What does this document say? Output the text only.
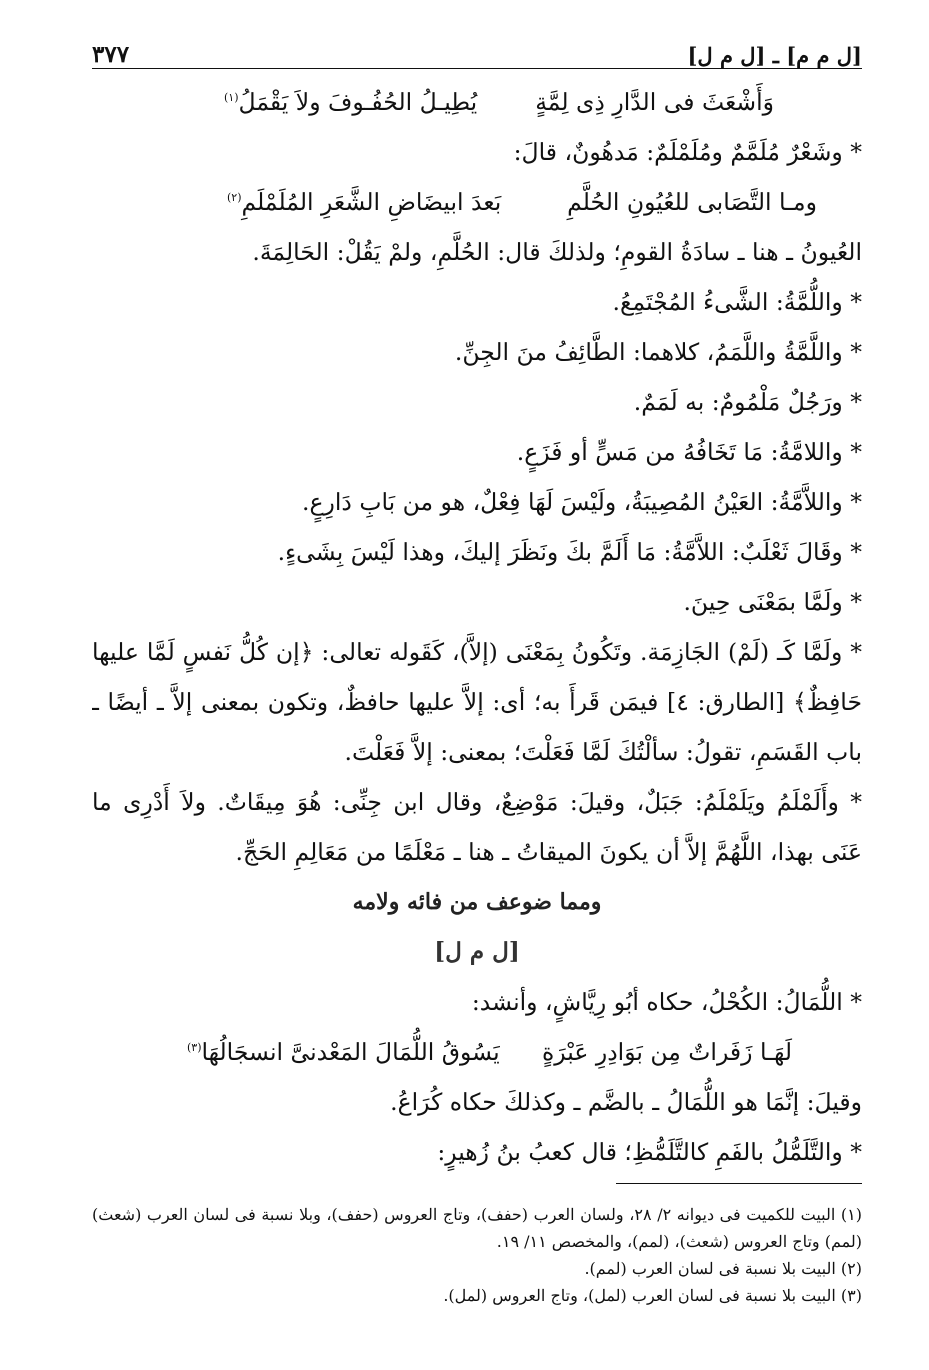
[ل م م] ـ [ل م ل]
٣٧٧
وَأَشْعَثَ فى الدَّارِ ذِى لِمَّةٍ
يُطِيـلُ الحُفُـوفَ ولاَ يَقْمَلُ$^{(١)}$
* وشَعْرٌ مُلَمَّمٌ ومُلَمْلَمٌ: مَدهُونٌ، قالَ:
ومـا التَّصَابى للعُيُونِ الحُلَّمِ
بَعدَ ابيضَاضِ الشَّعَرِ المُلَمْلَمِ$^{(٢)}$
العُيونُ ـ هنا ـ سادَةُ القومِ؛ ولذلكَ قال: الحُلَّمِ، ولمْ يَقُلْ: الحَالِمَةَ.
* واللُّمَّةُ: الشَّىءُ المُجْتَمِعُ.
* واللَّمَّةُ واللَّمَمُ، كلاهما: الطَّائِفُ منَ الجِنِّ.
* ورَجُلٌ مَلْمُومٌ: به لَمَمٌ.
* واللامَّةُ: مَا تَخَافُهُ من مَسٍّ أو فَزَعٍ.
* واللاَّمَّةُ: العَيْنُ المُصِيبَةُ، ولَيْسَ لَهَا فِعْلٌ، هو من بَابِ دَارِعٍ.
* وقَالَ ثَعْلَبٌ: اللاَّمَّةُ: مَا أَلَمَّ بكَ ونَظَرَ إليكَ، وهذا لَيْسَ بِشَىءٍ.
* ولَمَّا بمَعْنَى حِينَ.
* ولَمَّا كَـ (لَمْ) الجَازِمَة. وتَكُونُ بِمَعْنَى (إلاَّ)، كَقَوله تعالى: ﴿إن كُلُّ نَفسٍ لَمَّا عليها
حَافِظٌ﴾ [الطارق: ٤] فيمَن قَرأَ به؛ أى: إلاَّ عليها حافظٌ، وتكون بمعنى إلاَّ ـ أيضًا ـ
باب القَسَمِ، تقولُ: سألْتُكَ لَمَّا فَعَلْتَ؛ بمعنى: إلاَّ فَعَلْتَ.
* وأَلَمْلَمُ ويَلَمْلَمُ: جَبَلٌ، وقيلَ: مَوْضِعٌ، وقال ابن جِنِّى: هُوَ مِيقَاتٌ. ولاَ أَدْرِى ما
عَنَى بهذا، اللَّهُمَّ إلاَّ أن يكونَ الميقاتُ ـ هنا ـ مَعْلَمًا من مَعَالِمِ الحَجِّ.
ومما ضوعف من فائه ولامه
[ل م ل]
* اللُّمَالُ: الكُحْلُ، حكاه أبُو رِيَّاشٍ، وأنشد:
لَهَـا زَفَراتٌ مِن بَوَادِرِ عَبْرَةٍ
يَسُوقُ اللُّمَالَ المَعْدنىَّ انسجَالُهَا$^{(٣)}$
وقيلَ: إنَّمَا هو اللُّمَالُ ـ بالضَّم ـ وكذلكَ حكاه كُرَاعُ.
* والتَّلَمُّلُ بالفَمِ كالتَّلَمُّظِ؛ قال كعبُ بنُ زُهيرٍ:
(١) البيت للكميت فى ديوانه ٢/ ٢٨، ولسان العرب (حفف)، وتاج العروس (حفف)، وبلا نسبة فى لسان العرب (شعث) (لمم) وتاج العروس (شعث)، (لمم)، والمخصص ١١/ ١٩.
(٢) البيت بلا نسبة فى لسان العرب (لمم).
(٣) البيت بلا نسبة فى لسان العرب (لمل)، وتاج العروس (لمل).
